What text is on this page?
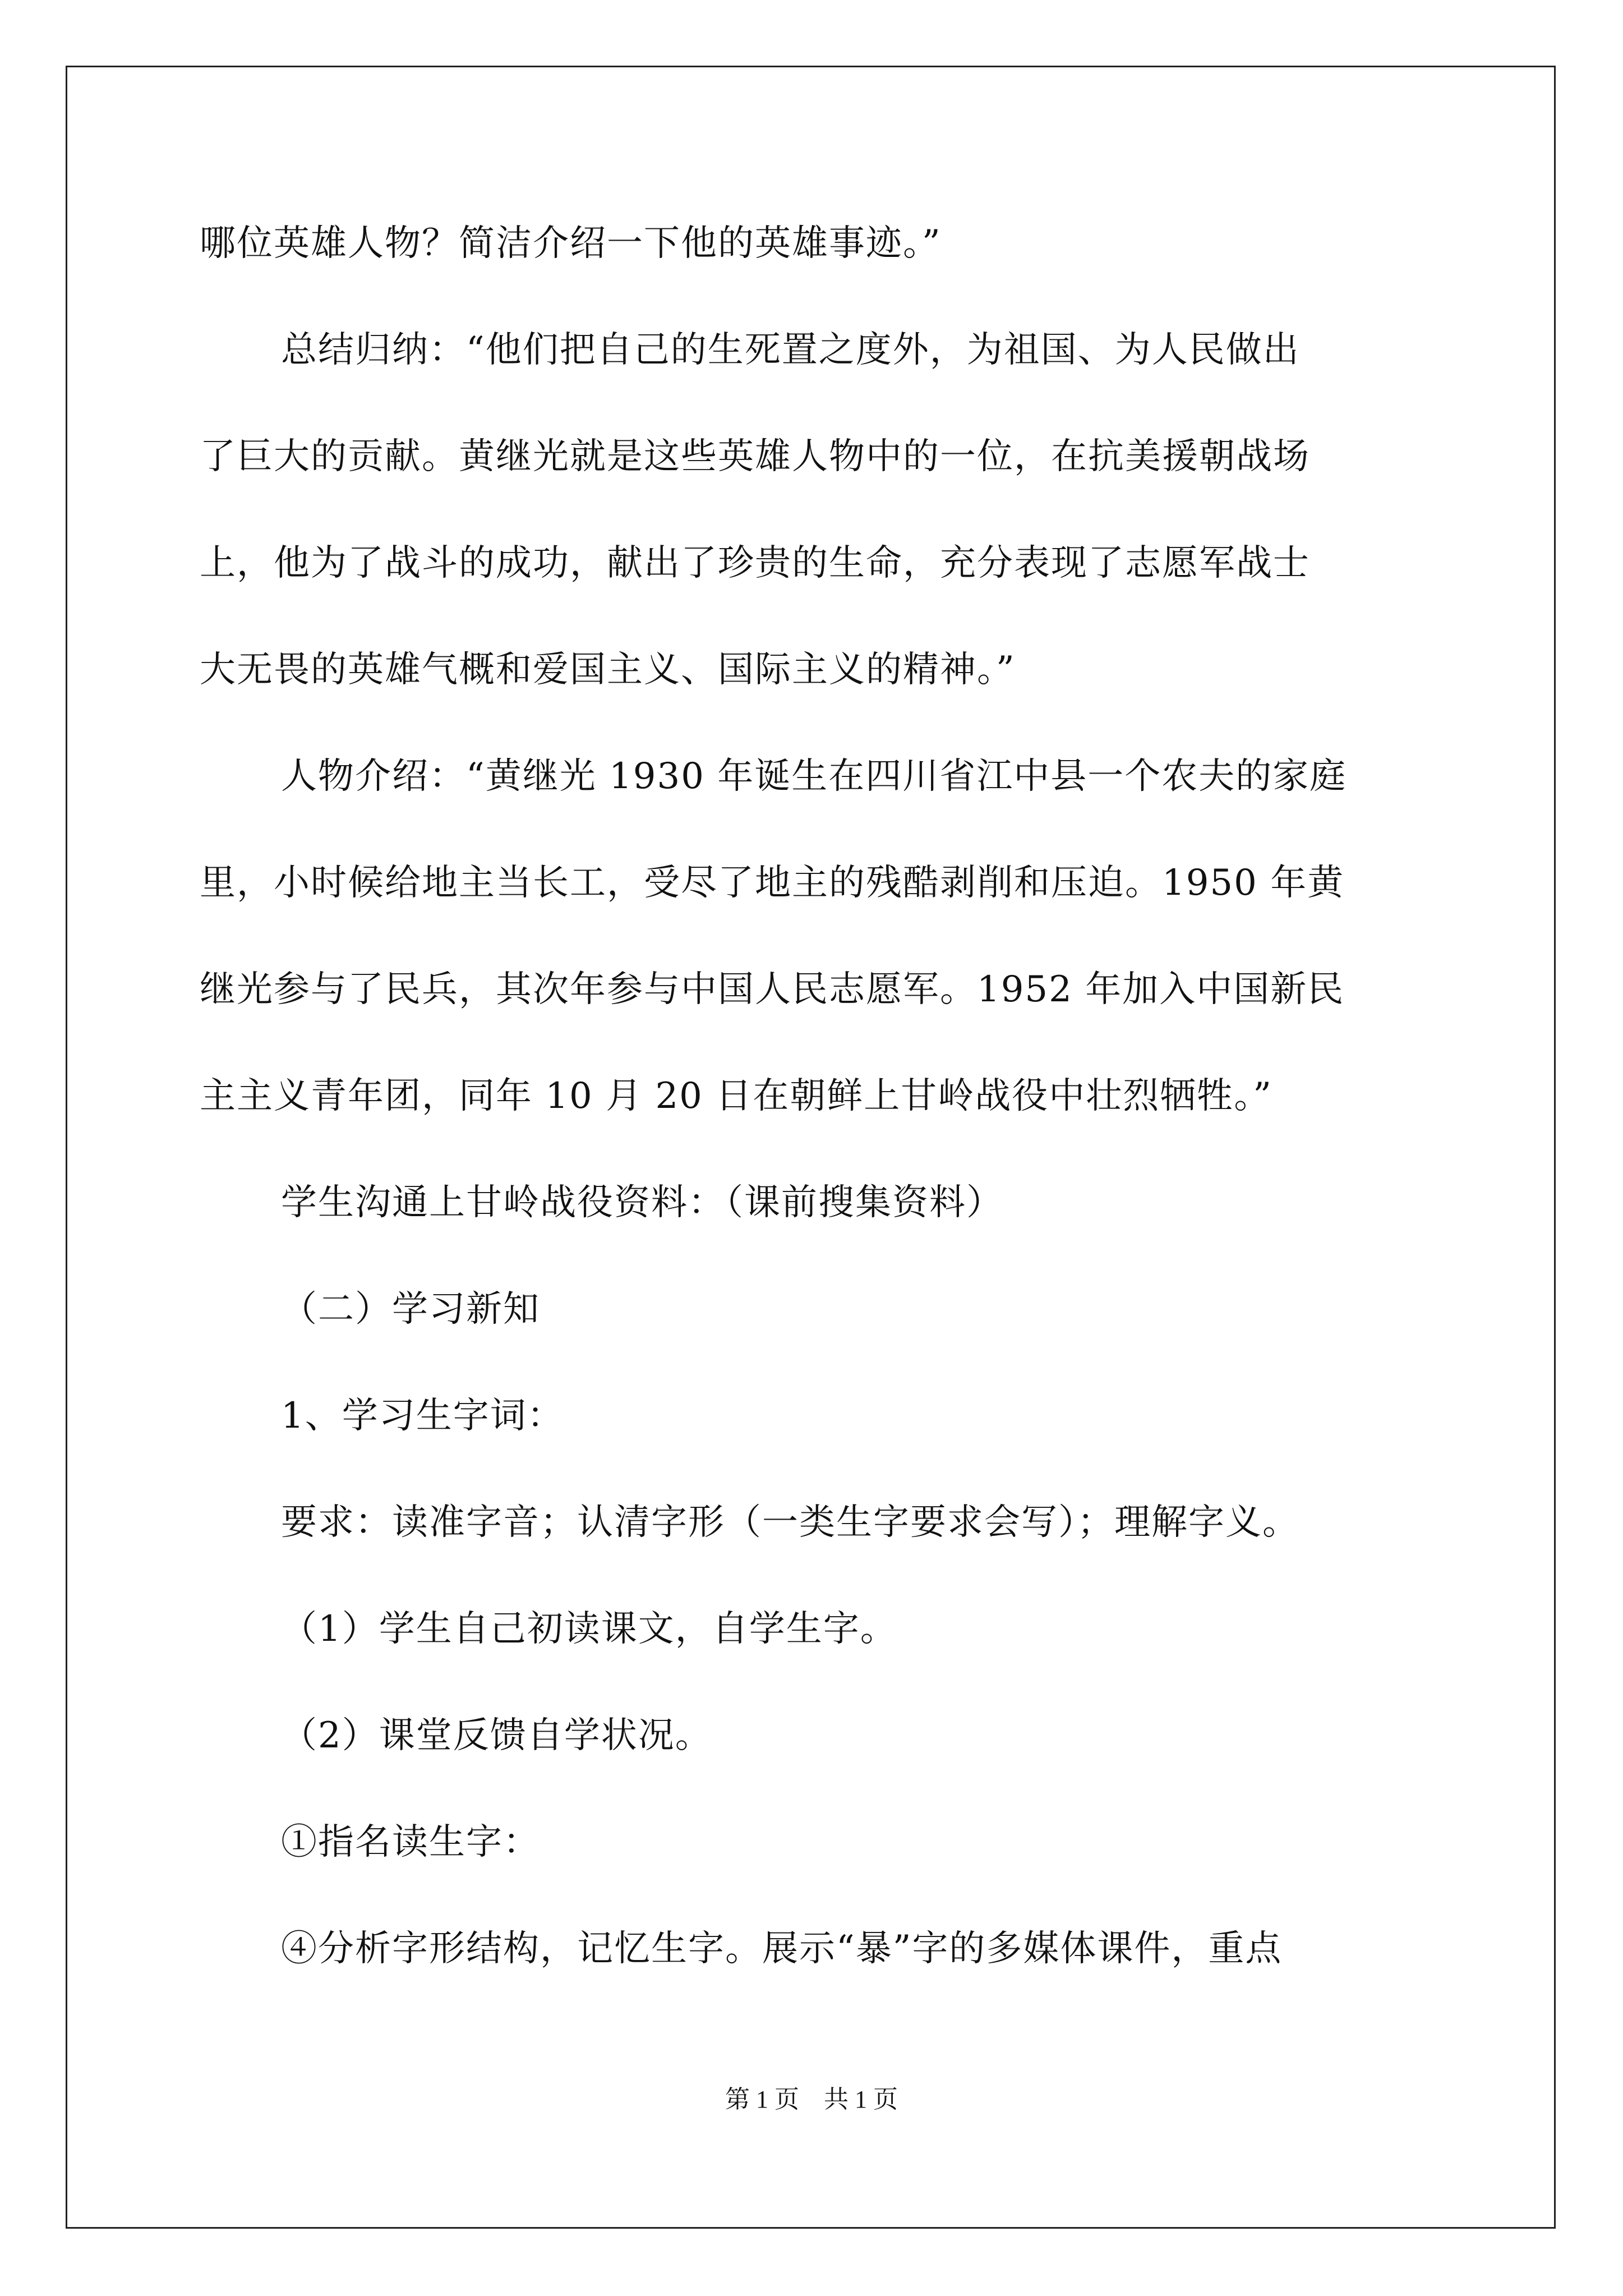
哪位英雄人物？简洁介绍一下他的英雄事迹。”
总结归纳：“他们把自己的生死置之度外，为祖国、为人民做出
了巨大的贡献。黄继光就是这些英雄人物中的一位，在抗美援朝战场
上，他为了战斗的成功，献出了珍贵的生命，充分表现了志愿军战士
大无畏的英雄气概和爱国主义、国际主义的精神。”
人物介绍：“黄继光 1930 年诞生在四川省江中县一个农夫的家庭
里，小时候给地主当长工，受尽了地主的残酷剥削和压迫。1950 年黄
继光参与了民兵，其次年参与中国人民志愿军。1952 年加入中国新民
主主义青年团，同年 10 月 20 日在朝鲜上甘岭战役中壮烈牺牲。”
学生沟通上甘岭战役资料：（课前搜集资料）
（二）学习新知
1、学习生字词：
要求：读准字音；认清字形（一类生字要求会写）；理解字义。
（1）学生自己初读课文，自学生字。
（2）课堂反馈自学状况。
①指名读生字：
④分析字形结构，记忆生字。展示“暴”字的多媒体课件，重点
第 1 页　共 1 页
